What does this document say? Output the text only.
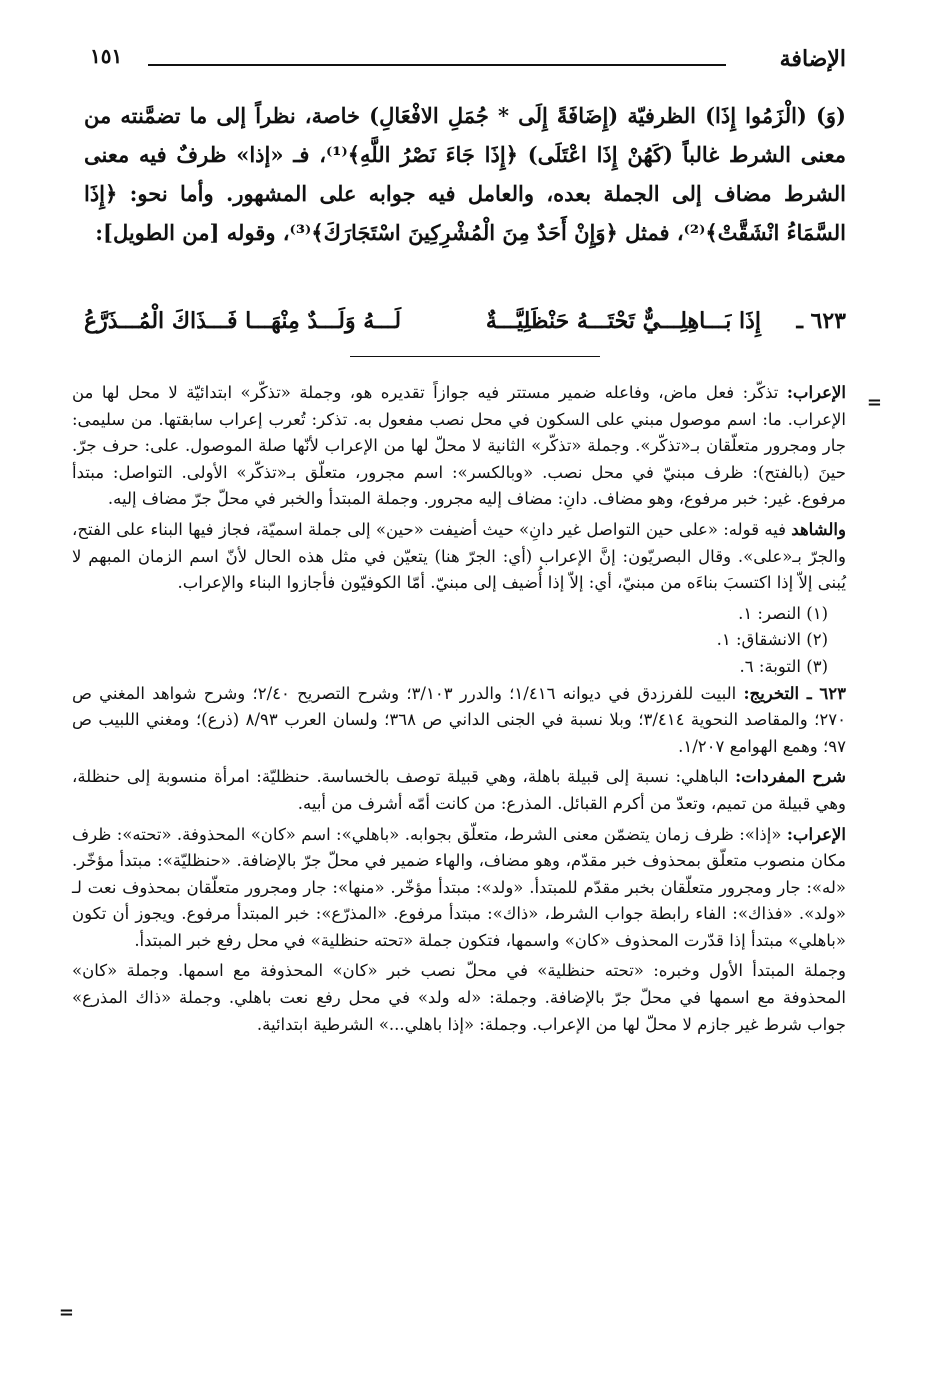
الإضافة
١٥١

(وَ) (الْزَمُوا إِذَا) الظرفيّة (إِضَافَةً إِلَى * جُمَلِ الافْعَالِ) خاصة، نظراً إلى ما تضمَّنته من معنى الشرط غالباً (كَهُنْ إِذَا اعْتَلَى) ﴿إِذَا جَاءَ نَصْرُ اللَّهِ﴾⁽¹⁾، فـ «إذا» ظرفٌ فيه معنى الشرط مضاف إلى الجملة بعده، والعامل فيه جوابه على المشهور. وأما نحو: ﴿إِذَا السَّمَاءُ انْشَقَّتْ﴾⁽²⁾، فمثل ﴿وَإِنْ أَحَدٌ مِنَ الْمُشْرِكِينَ اسْتَجَارَكَ﴾⁽³⁾، وقوله [من الطويل]:

٦٢٣ ـ
إِذَا بَـــاهِلِـــيٌّ تَحْتَـــهُ حَنْظَلِيَّـــةٌ
لَـــهُ وَلَـــدٌ مِنْهَـــا فَـــذَاكَ الْمُـــذَرَّعُ
=

الإعراب: تذكّر: فعل ماض، وفاعله ضمير مستتر فيه جوازاً تقديره هو، وجملة «تذكّر» ابتدائيّة لا محل لها من الإعراب. ما: اسم موصول مبني على السكون في محل نصب مفعول به. تذكر: تُعرب إعراب سابقتها. من سليمى: جار ومجرور متعلّقان بـ«تذكّر». وجملة «تذكّر» الثانية لا محلّ لها من الإعراب لأنّها صلة الموصول. على: حرف جرّ. حينَ (بالفتح): ظرف مبنيّ في محل نصب. «وبالكسر»: اسم مجرور، متعلّق بـ«تذكّر» الأولى. التواصل: مبتدأ مرفوع. غير: خبر مرفوع، وهو مضاف. دانِ: مضاف إليه مجرور. وجملة المبتدأ والخبر في محلّ جرّ مضاف إليه.

والشاهد فيه قوله: «على حين التواصل غير دانِ» حيث أضيفت «حين» إلى جملة اسميّة، فجاز فيها البناء على الفتح، والجرّ بـ«على». وقال البصريّون: إنَّ الإعراب (أي: الجرّ هنا) يتعيّن في مثل هذه الحال لأنّ اسم الزمان المبهم لا يُبنى إلاّ إذا اكتسبَ بناءَه من مبنيّ، أي: إلاّ إذا أُضيف إلى مبنيّ. أمّا الكوفيّون فأجازوا البناء والإعراب.

(١) النصر: ١.

(٢) الانشقاق: ١.

(٣) التوبة: ٦.

٦٢٣ ـ التخريج: البيت للفرزدق في ديوانه ١/٤١٦؛ والدرر ٣/١٠٣؛ وشرح التصريح ٢/٤٠؛ وشرح شواهد المغني ص ٢٧٠؛ والمقاصد النحوية ٣/٤١٤؛ وبلا نسبة في الجنى الداني ص ٣٦٨؛ ولسان العرب ٨/٩٣ (ذرع)؛ ومغني اللبيب ص ٩٧؛ وهمع الهوامع ١/٢٠٧.

شرح المفردات: الباهلي: نسبة إلى قبيلة باهلة، وهي قبيلة توصف بالخساسة. حنظليّة: امرأة منسوبة إلى حنظلة، وهي قبيلة من تميم، وتعدّ من أكرم القبائل. المذرع: من كانت أمّه أشرف من أبيه.

الإعراب: «إذا»: ظرف زمان يتضمّن معنى الشرط، متعلّق بجوابه. «باهلي»: اسم «كان» المحذوفة. «تحته»: ظرف مكان منصوب متعلّق بمحذوف خبر مقدّم، وهو مضاف، والهاء ضمير في محلّ جرّ بالإضافة. «حنظليّة»: مبتدأ مؤخّر. «له»: جار ومجرور متعلّقان بخبر مقدّم للمبتدأ. «ولد»: مبتدأ مؤخّر. «منها»: جار ومجرور متعلّقان بمحذوف نعت لـ «ولد». «فذاك»: الفاء رابطة جواب الشرط، «ذاك»: مبتدأ مرفوع. «المذرّع»: خبر المبتدأ مرفوع. ويجوز أن تكون «باهلي» مبتدأ إذا قدّرت المحذوف «كان» واسمها، فتكون جملة «تحته حنظلية» في محل رفع خبر المبتدأ.

وجملة المبتدأ الأول وخبره: «تحته حنظلية» في محلّ نصب خبر «كان» المحذوفة مع اسمها. وجملة «كان» المحذوفة مع اسمها في محلّ جرّ بالإضافة. وجملة: «له ولد» في محل رفع نعت باهلي. وجملة «ذاك المذرع» جواب شرط غير جازم لا محلّ لها من الإعراب. وجملة: «إذا باهلي...» الشرطية ابتدائية.

=
